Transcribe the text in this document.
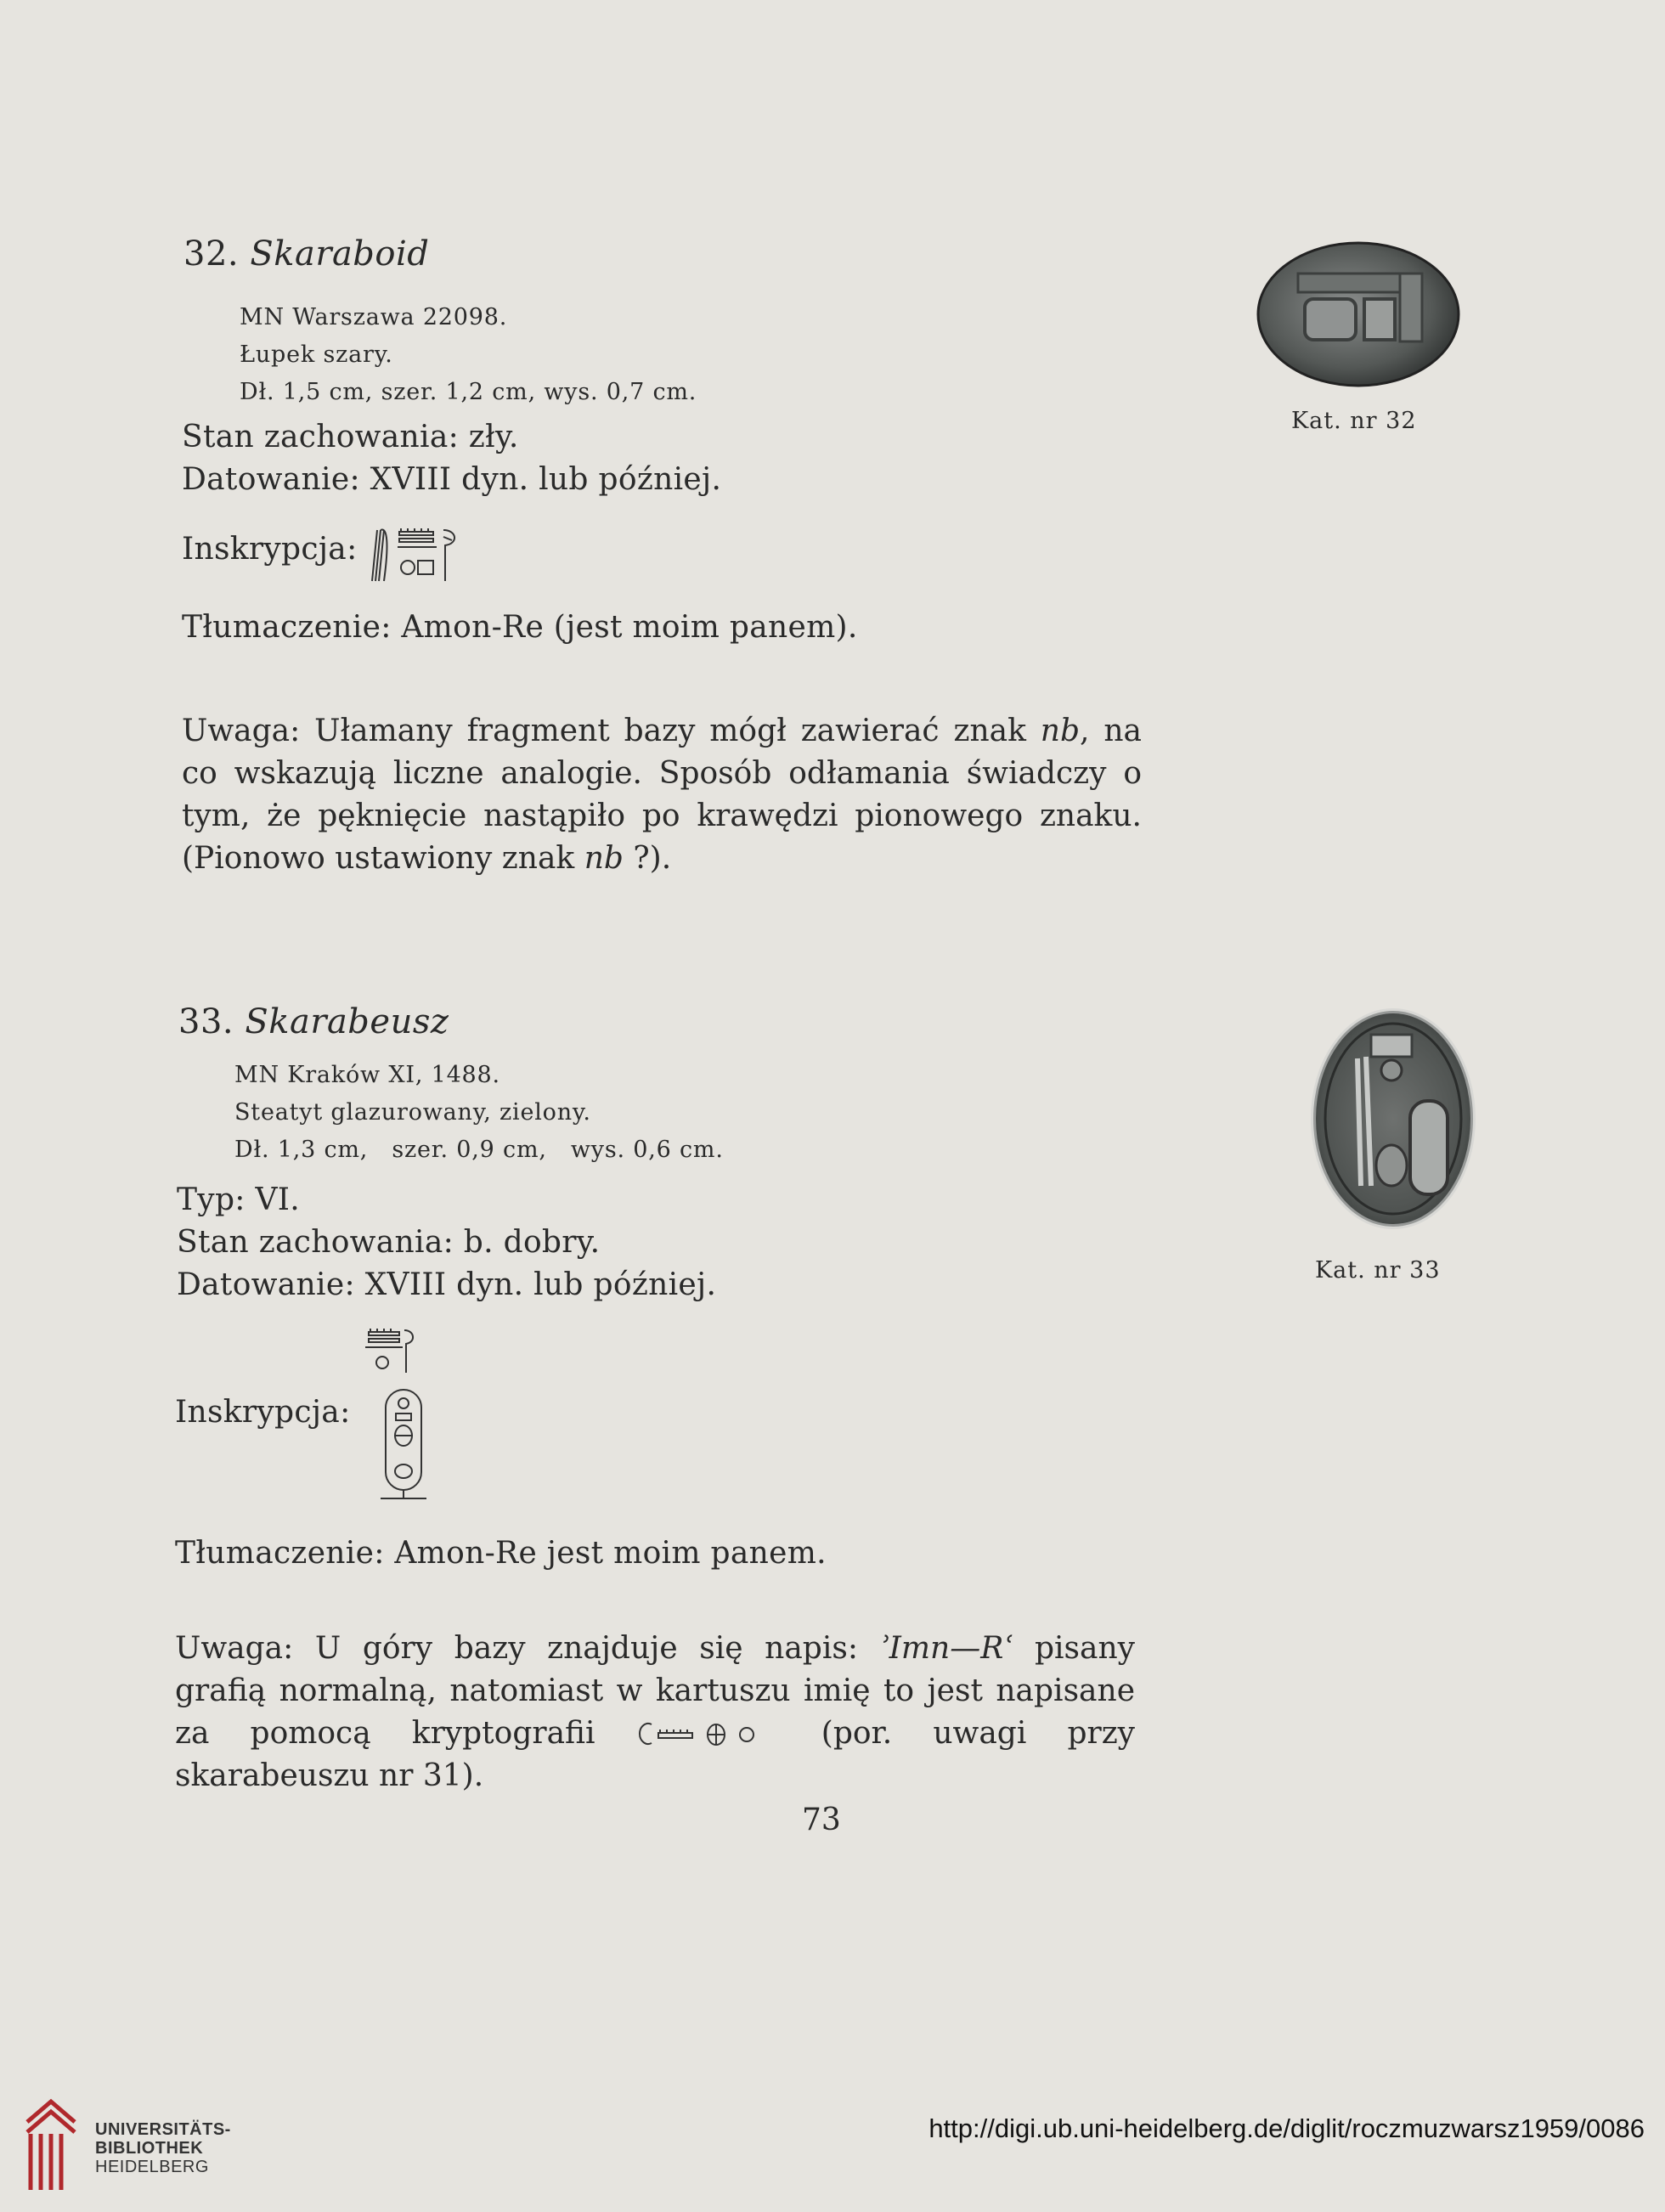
32. Skaraboid
MN Warszawa 22098.
Łupek szary.
Dł. 1,5 cm, szer. 1,2 cm, wys. 0,7 cm.
Stan zachowania: zły.
Datowanie: XVIII dyn. lub później.
Inskrypcja:
Tłumaczenie: Amon-Re (jest moim panem).
Uwaga: Ułamany fragment bazy mógł zawierać znak nb, na co wskazują liczne analogie. Sposób odłamania świadczy o tym, że pęknięcie nastąpiło po krawędzi pionowego znaku. (Pionowo ustawiony znak nb ?).
Kat. nr 32
33. Skarabeusz
MN Kraków XI, 1488.
Steatyt glazurowany, zielony.
Dł. 1,3 cm,   szer. 0,9 cm,   wys. 0,6 cm.
Typ: VI.
Stan zachowania: b. dobry.
Datowanie: XVIII dyn. lub później.
Inskrypcja:
Tłumaczenie: Amon-Re jest moim panem.
Uwaga: U góry bazy znajduje się napis: ʾImn—Rʿ pisany grafią normalną, natomiast w kartuszu imię to jest napisane za pomocą kryptografii	(por. uwagi przy skarabeuszu nr 31).
Kat. nr 33
73
UNIVERSITÄTS-
BIBLIOTHEK
HEIDELBERG
http://digi.ub.uni-heidelberg.de/diglit/roczmuzwarsz1959/0086
